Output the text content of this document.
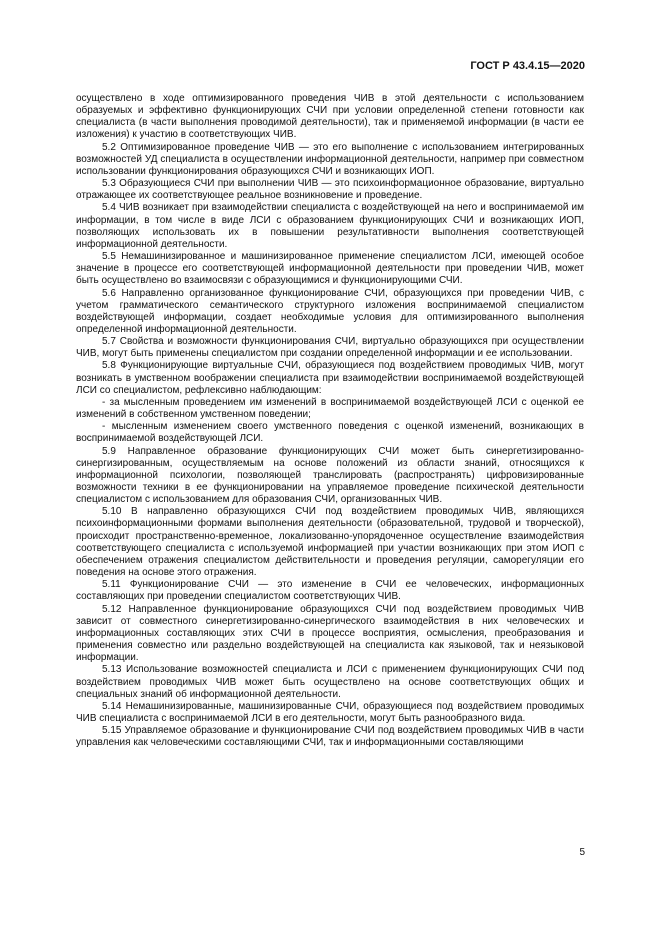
ГОСТ Р 43.4.15—2020

осуществлено в ходе оптимизированного проведения ЧИВ в этой деятельности с использованием образуемых и эффективно функционирующих СЧИ при условии определенной степени готовности как специалиста (в части выполнения проводимой деятельности), так и применяемой информации (в части ее изложения) к участию в соответствующих ЧИВ.

5.2 Оптимизированное проведение ЧИВ — это его выполнение с использованием интегрированных возможностей УД специалиста в осуществлении информационной деятельности, например при совместном использовании функционирования образующихся СЧИ и возникающих ИОП.

5.3 Образующиеся СЧИ при выполнении ЧИВ — это психоинформационное образование, виртуально отражающее их соответствующее реальное возникновение и проведение.

5.4 ЧИВ возникает при взаимодействии специалиста с воздействующей на него и воспринимаемой им информации, в том числе в виде ЛСИ с образованием функционирующих СЧИ и возникающих ИОП, позволяющих использовать их в повышении результативности выполнения соответствующей информационной деятельности.

5.5 Немашинизированное и машинизированное применение специалистом ЛСИ, имеющей особое значение в процессе его соответствующей информационной деятельности при проведении ЧИВ, может быть осуществлено во взаимосвязи с образующимися и функционирующими СЧИ.

5.6 Направленно организованное функционирование СЧИ, образующихся при проведении ЧИВ, с учетом грамматического семантического структурного изложения воспринимаемой специалистом воздействующей информации, создает необходимые условия для оптимизированного выполнения определенной информационной деятельности.

5.7 Свойства и возможности функционирования СЧИ, виртуально образующихся при осуществлении ЧИВ, могут быть применены специалистом при создании определенной информации и ее использовании.

5.8 Функционирующие виртуальные СЧИ, образующиеся под воздействием проводимых ЧИВ, могут возникать в умственном воображении специалиста при взаимодействии воспринимаемой воздействующей ЛСИ со специалистом, рефлексивно наблюдающим:

- за мысленным проведением им изменений в воспринимаемой воздействующей ЛСИ с оценкой ее изменений в собственном умственном поведении;

- мысленным изменением своего умственного поведения с оценкой изменений, возникающих в воспринимаемой воздействующей ЛСИ.

5.9 Направленное образование функционирующих СЧИ может быть синергетизированно-синергизированным, осуществляемым на основе положений из области знаний, относящихся к информационной психологии, позволяющей транслировать (распространять) цифровизированные возможности техники в ее функционировании на управляемое проведение психической деятельности специалистом с использованием для образования СЧИ, организованных ЧИВ.

5.10 В направленно образующихся СЧИ под воздействием проводимых ЧИВ, являющихся психоинформационными формами выполнения деятельности (образовательной, трудовой и творческой), происходит пространственно-временное, локализованно-упорядоченное осуществление взаимодействия соответствующего специалиста с используемой информацией при участии возникающих при этом ИОП с обеспечением отражения специалистом действительности и проведения регуляции, саморегуляции его поведения на основе этого отражения.

5.11 Функционирование СЧИ — это изменение в СЧИ ее человеческих, информационных составляющих при проведении специалистом соответствующих ЧИВ.

5.12 Направленное функционирование образующихся СЧИ под воздействием проводимых ЧИВ зависит от совместного синергетизированно-синергического взаимодействия в них человеческих и информационных составляющих этих СЧИ в процессе восприятия, осмысления, преобразования и применения совместно или раздельно воздействующей на специалиста как языковой, так и неязыковой информации.

5.13 Использование возможностей специалиста и ЛСИ с применением функционирующих СЧИ под воздействием проводимых ЧИВ может быть осуществлено на основе соответствующих общих и специальных знаний об информационной деятельности.

5.14 Немашинизированные, машинизированные СЧИ, образующиеся под воздействием проводимых ЧИВ специалиста с воспринимаемой ЛСИ в его деятельности, могут быть разнообразного вида.

5.15 Управляемое образование и функционирование СЧИ под воздействием проводимых ЧИВ в части управления как человеческими составляющими СЧИ, так и информационными составляющими

5
